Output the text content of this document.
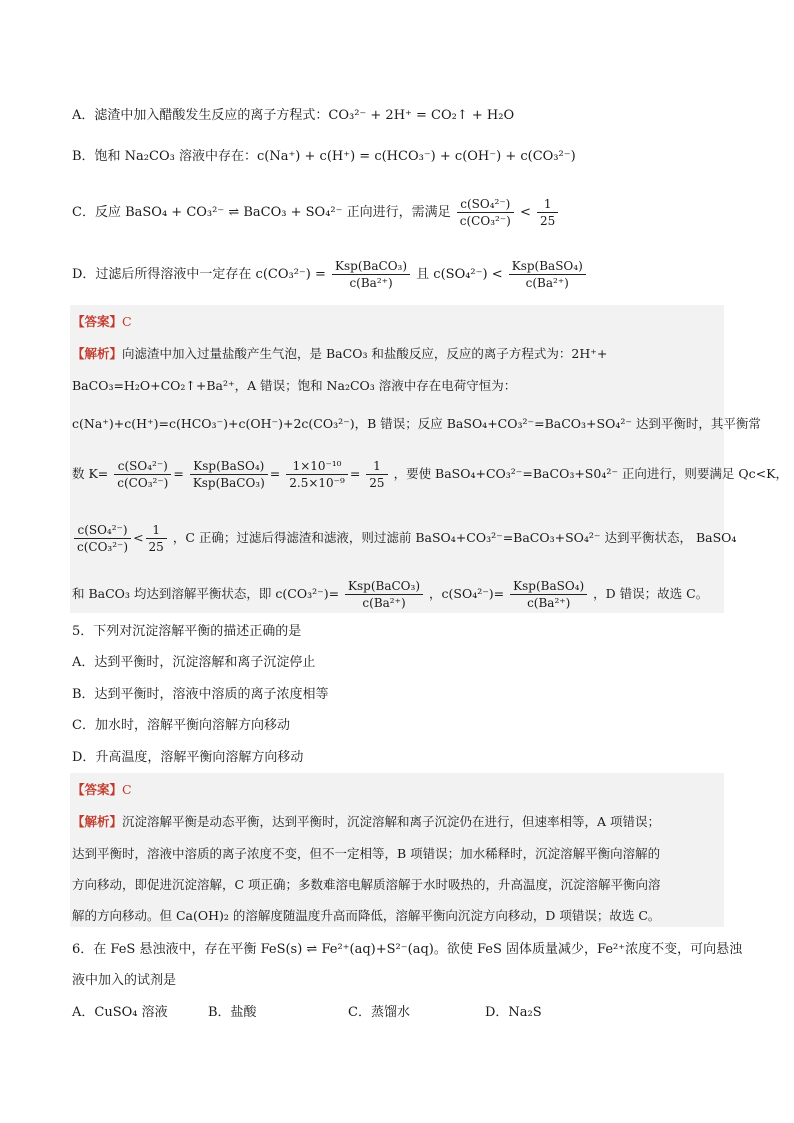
A．滤渣中加入醋酸发生反应的离子方程式：CO₃²⁻ + 2H⁺ = CO₂↑ + H₂O
B．饱和 Na₂CO₃ 溶液中存在：c(Na⁺) + c(H⁺) = c(HCO₃⁻) + c(OH⁻) + c(CO₃²⁻)
C．反应 BaSO₄ + CO₃²⁻ ⇌ BaCO₃ + SO₄²⁻ 正向进行，需满足 $\frac{\text{c(SO₄²⁻)}}{\text{c(CO₃²⁻)}} < \frac{1}{25}$
D．过滤后所得溶液中一定存在 $c(CO_3^{2-}) = \frac{\text{Ksp(BaCO₃)}}{\text{c(Ba²⁺)}}$ 且 $c(SO_4^{2-}) < \frac{\text{Ksp(BaSO₄)}}{\text{c(Ba²⁺)}}$
【答案】C
【解析】向滤渣中加入过量盐酸产生气泡，是 BaCO₃ 和盐酸反应，反应的离子方程式为：2H⁺+
BaCO₃=H₂O+CO₂↑+Ba²⁺，A 错误；饱和 Na₂CO₃ 溶液中存在电荷守恒为：
c(Na⁺)+c(H⁺)=c(HCO₃⁻)+c(OH⁻)+2c(CO₃²⁻)，B 错误；反应 BaSO₄+CO₃²⁻=BaCO₃+SO₄²⁻ 达到平衡时，其平衡常
数 $K= \frac{\text{c(SO₄²⁻)}}{\text{c(CO₃²⁻)}} = \frac{\text{Ksp(BaSO₄)}}{\text{Ksp(BaCO₃)}} = \frac{\text{1×10⁻¹⁰}}{\text{2.5×10⁻⁹}} = \frac{1}{25}$ ，要使 BaSO₄+CO₃²⁻=BaCO₃+S0₄²⁻ 正向进行，则要满足 Qc<K，
$\frac{\text{c(SO₄²⁻)}}{\text{c(CO₃²⁻)}} < \frac{1}{25}$ ，C 正确；过滤后得滤渣和滤液，则过滤前 BaSO₄+CO₃²⁻=BaCO₃+SO₄²⁻ 达到平衡状态， BaSO₄
和 BaCO₃ 均达到溶解平衡状态，即 $c(CO_3^{2-})= \frac{\text{Ksp(BaCO₃)}}{\text{c(Ba²⁺)}}$ ，$c(SO_4^{2-})= \frac{\text{Ksp(BaSO₄)}}{\text{c(Ba²⁺)}}$ ，D 错误；故选 C。
5．下列对沉淀溶解平衡的描述正确的是
A．达到平衡时，沉淀溶解和离子沉淀停止
B．达到平衡时，溶液中溶质的离子浓度相等
C．加水时，溶解平衡向溶解方向移动
D．升高温度，溶解平衡向溶解方向移动
【答案】C
【解析】沉淀溶解平衡是动态平衡，达到平衡时，沉淀溶解和离子沉淀仍在进行，但速率相等，A 项错误；
达到平衡时，溶液中溶质的离子浓度不变，但不一定相等，B 项错误；加水稀释时，沉淀溶解平衡向溶解的
方向移动，即促进沉淀溶解，C 项正确；多数难溶电解质溶解于水时吸热的，升高温度，沉淀溶解平衡向溶
解的方向移动。但 Ca(OH)₂ 的溶解度随温度升高而降低，溶解平衡向沉淀方向移动，D 项错误；故选 C。
6．在 FeS 悬浊液中，存在平衡 FeS(s) ⇌ Fe²⁺(aq)+S²⁻(aq)。欲使 FeS 固体质量减少，Fe²⁺浓度不变，可向悬浊
液中加入的试剂是
A．CuSO₄ 溶液	B．盐酸	C．蒸馏水	D．Na₂S
